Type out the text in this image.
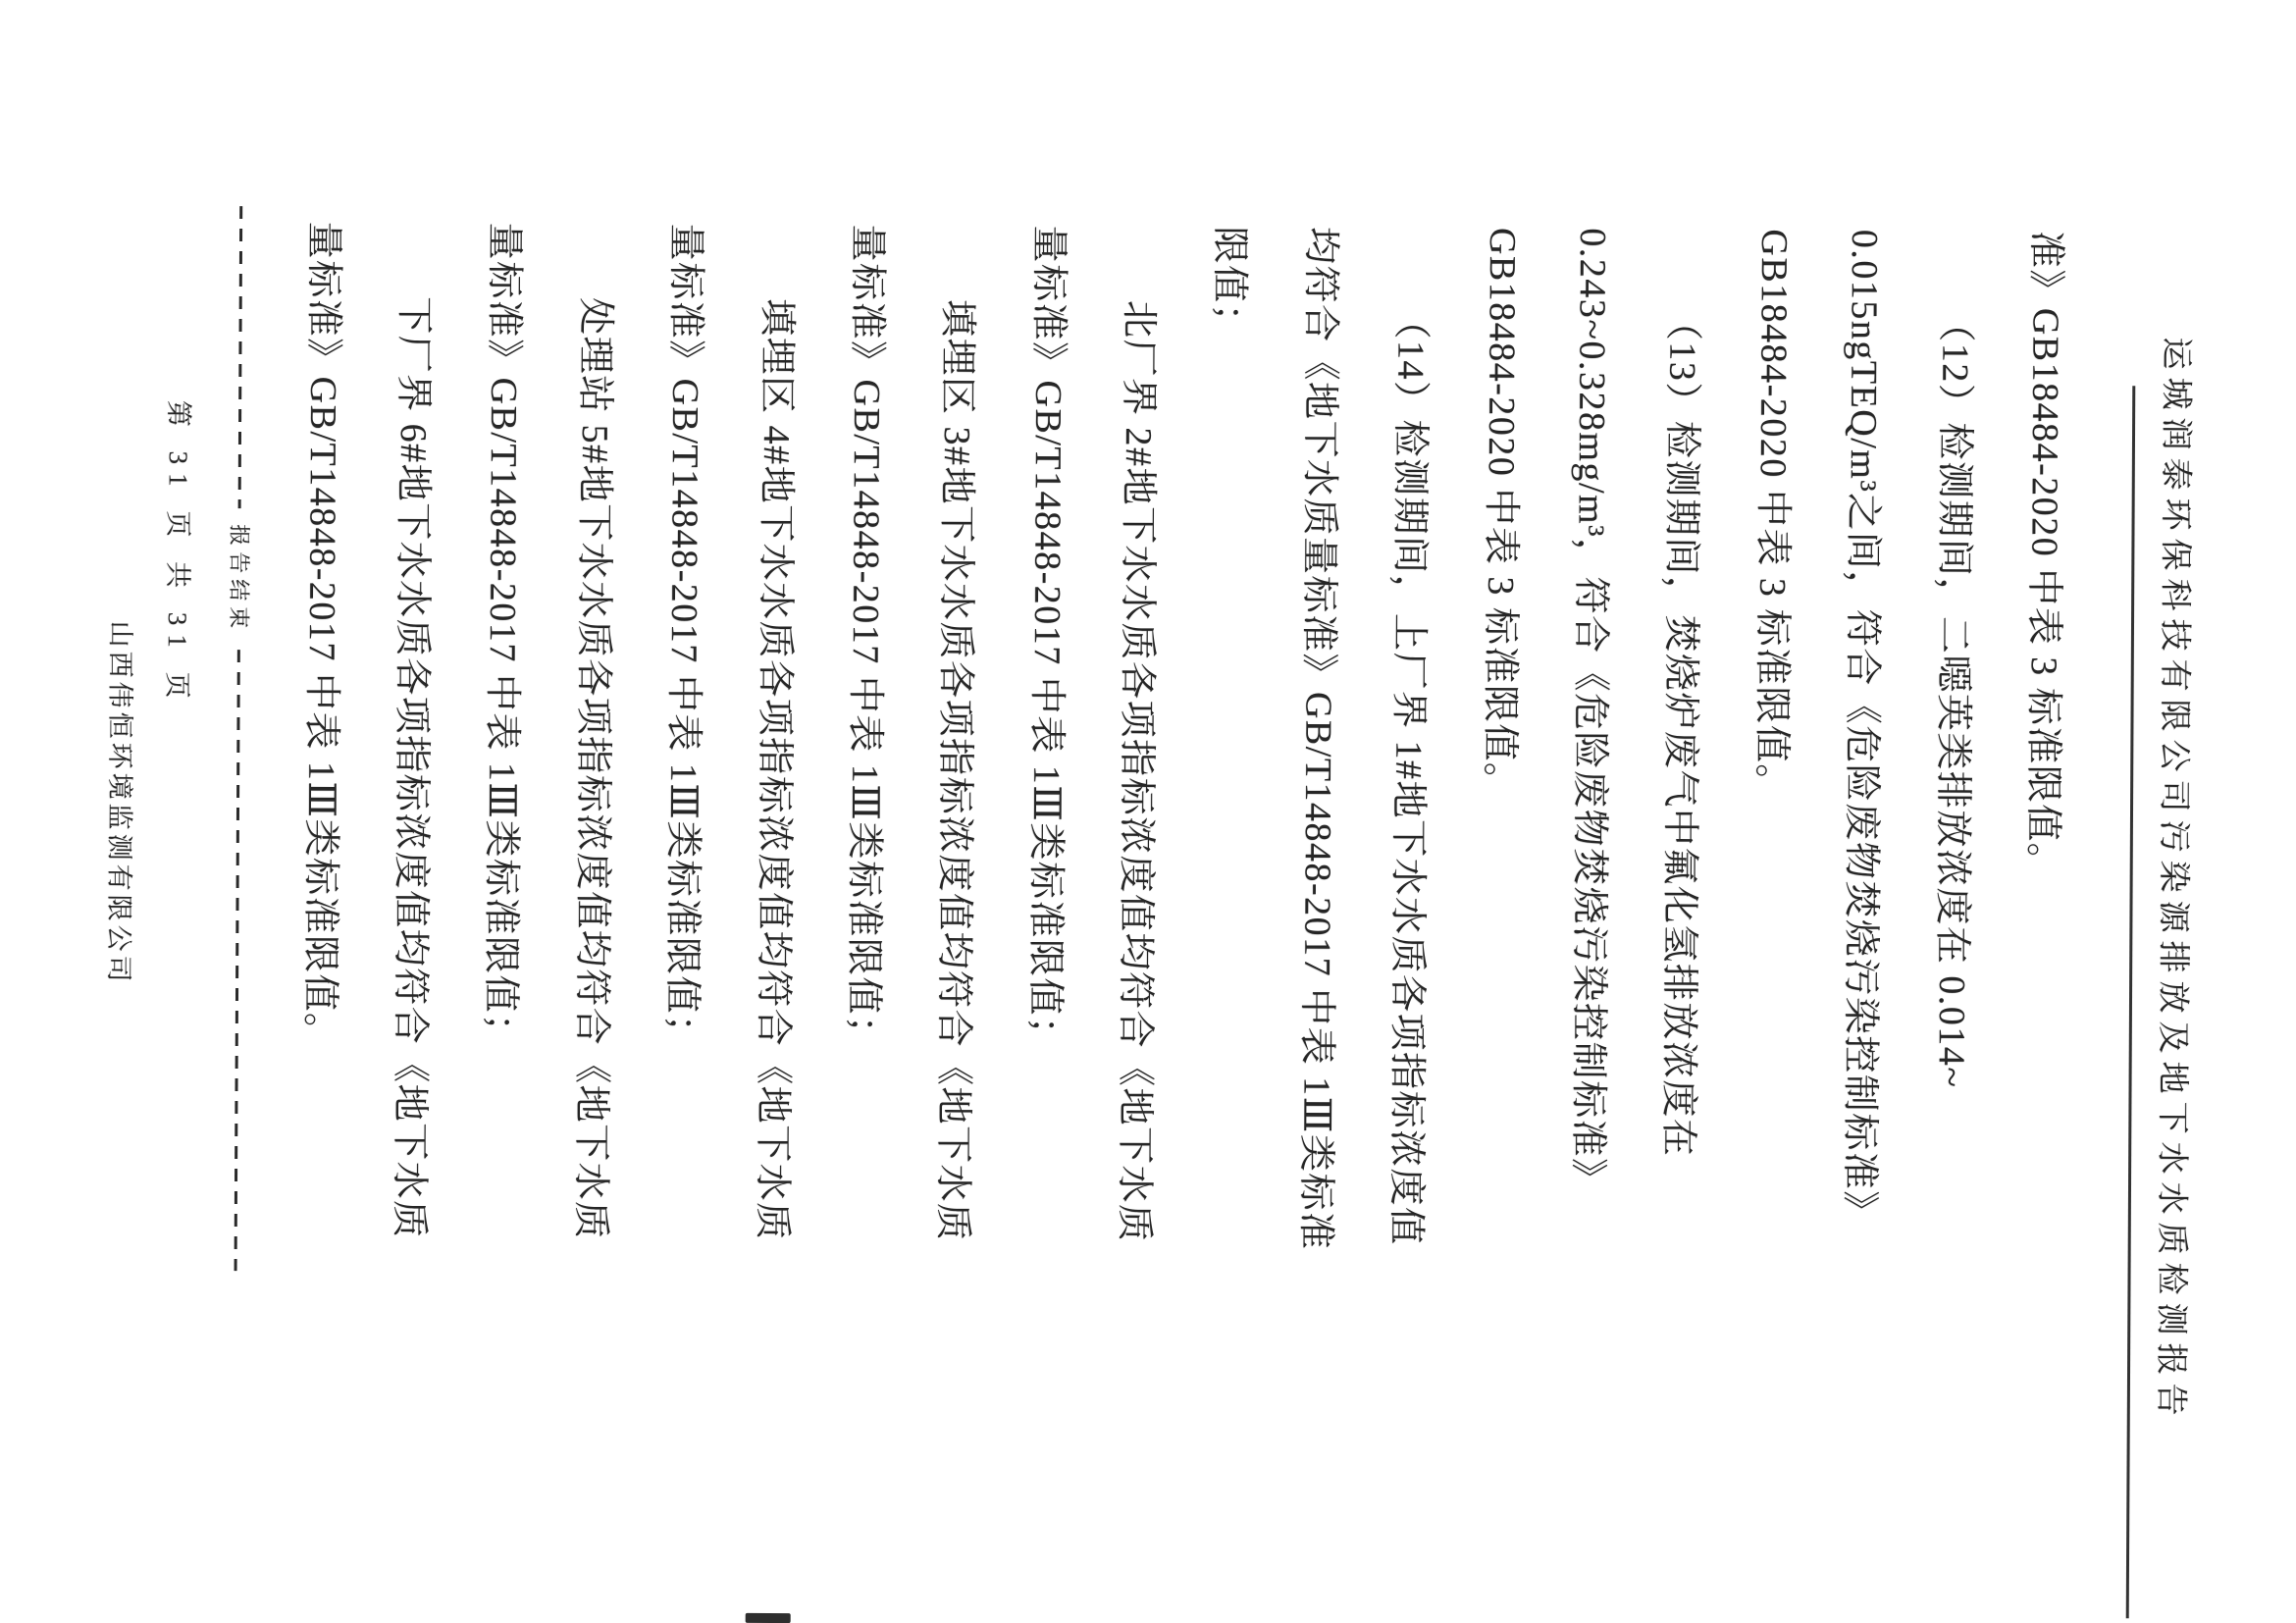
运城润泰环保科技有限公司污染源排放及地下水水质检测报告
准》GB18484-2020 中表 3 标准限值。
（12）检测期间，二噁英类排放浓度在 0.014~
0.015ngTEQ/m³之间，符合《危险废物焚烧污染控制标准》
GB18484-2020 中表 3 标准限值。
（13）检测期间，焚烧炉废气中氟化氢排放浓度在
0.243~0.328mg/m³，符合《危险废物焚烧污染控制标准》
GB18484-2020 中表 3 标准限值。
（14）检测期间，上厂界 1#地下水水质各项指标浓度值
均符合《地下水质量标准》GB/T14848-2017 中表 1Ⅲ类标准
限值；
北厂界 2#地下水水质各项指标浓度值均符合《地下水质
量标准》GB/T14848-2017 中表 1Ⅲ类标准限值；
填埋区 3#地下水水质各项指标浓度值均符合《地下水质
量标准》GB/T14848-2017 中表 1Ⅲ类标准限值；
填埋区 4#地下水水质各项指标浓度值均符合《地下水质
量标准》GB/T14848-2017 中表 1Ⅲ类标准限值；
处理站 5#地下水水质各项指标浓度值均符合《地下水质
量标准》GB/T14848-2017 中表 1Ⅲ类标准限值；
下厂界 6#地下水水质各项指标浓度值均符合《地下水质
量标准》GB/T14848-2017 中表 1Ⅲ类标准限值。
报告结束
第 31 页 共 31 页
山西伟恒环境监测有限公司
